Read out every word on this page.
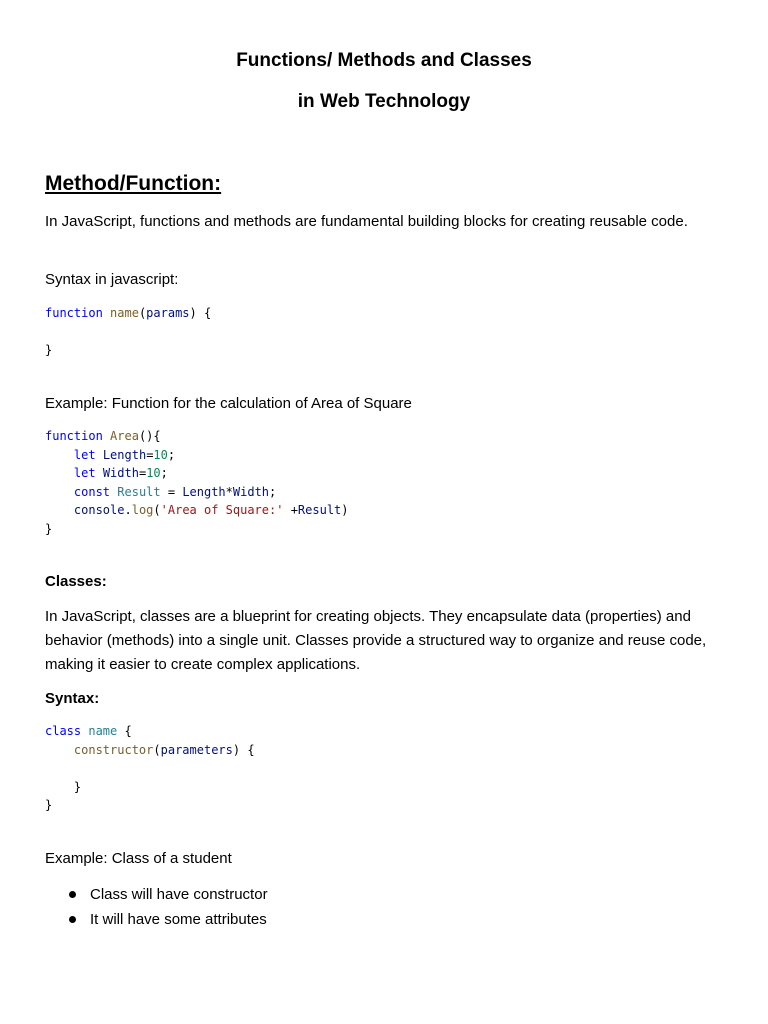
Functions/ Methods and Classes
in Web Technology
Method/Function:
In JavaScript, functions and methods are fundamental building blocks for creating reusable code.
Syntax in javascript:
function name(params) {

}
Example: Function for the calculation of Area of Square
function Area(){
let Length=10;
let Width=10;
const Result = Length*Width;
console.log('Area of Square:' +Result)
}
Classes:
In JavaScript, classes are a blueprint for creating objects. They encapsulate data (properties) and behavior (methods) into a single unit. Classes provide a structured way to organize and reuse code, making it easier to create complex applications.
Syntax:
class name {
constructor(parameters) {

}
}
Example: Class of a student
Class will have constructor
It will have some attributes
